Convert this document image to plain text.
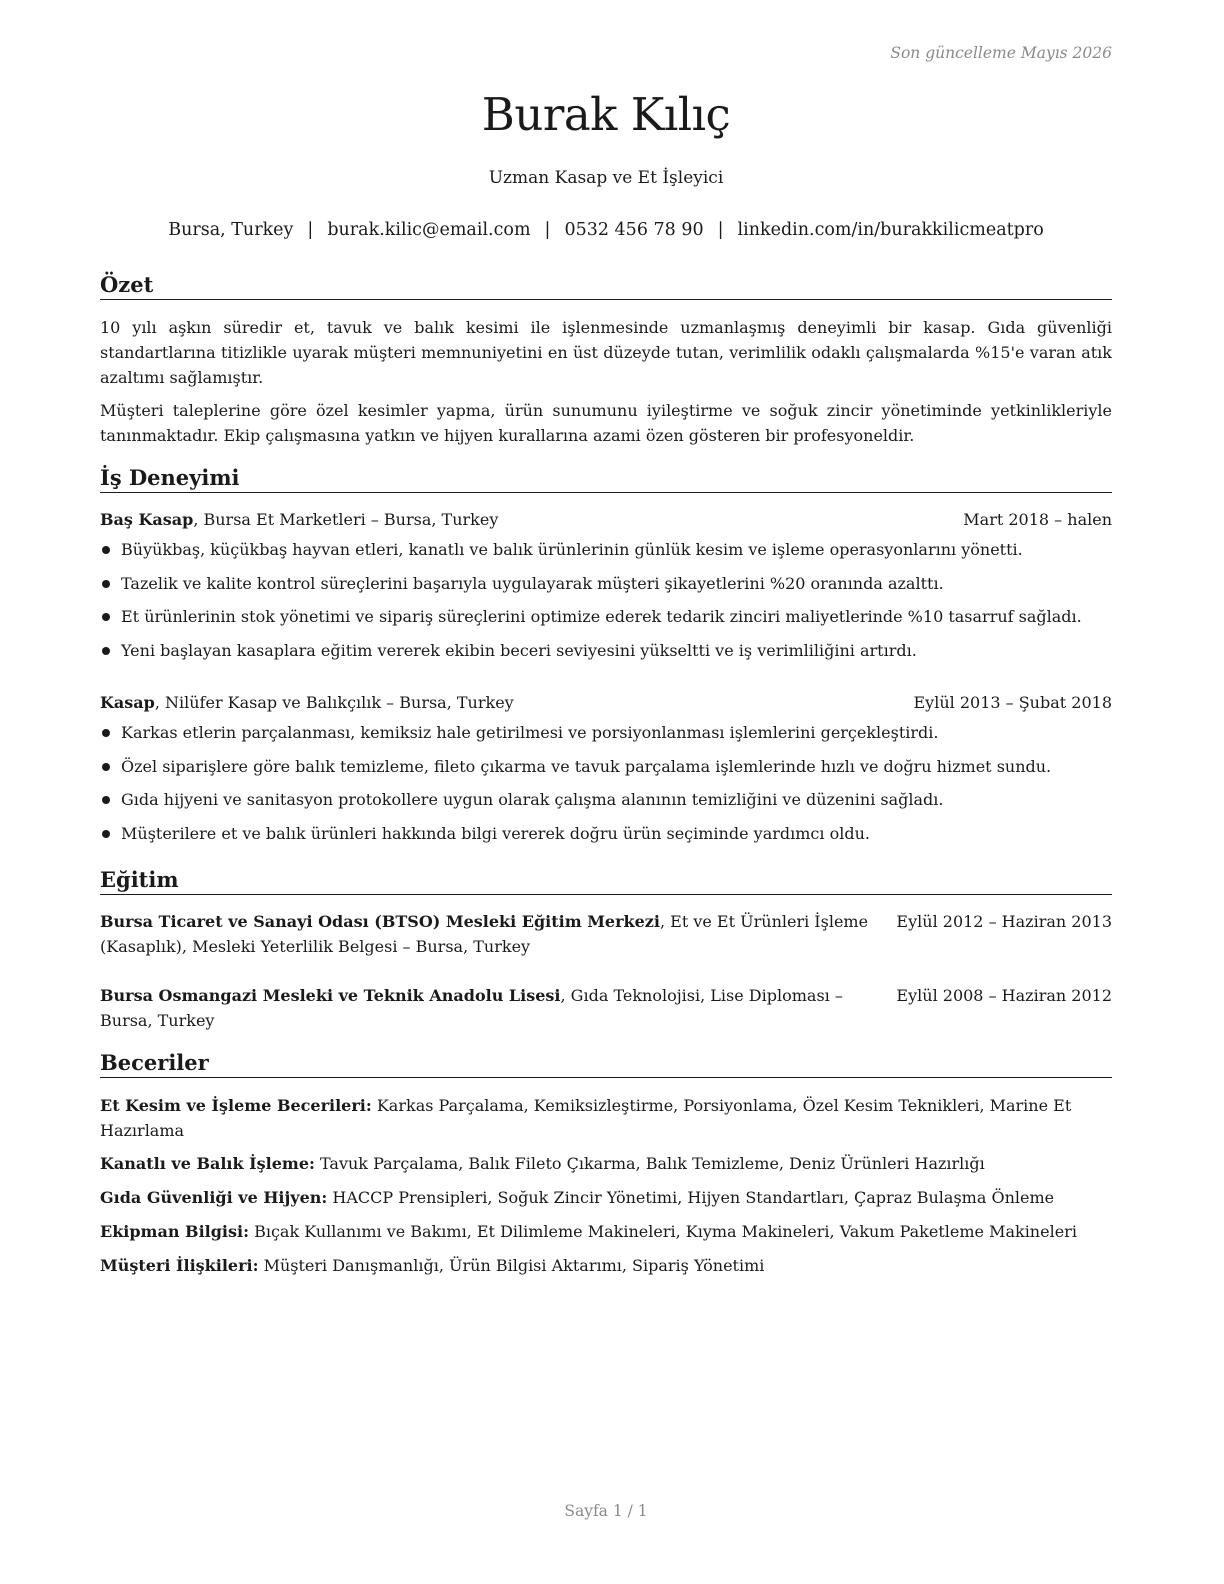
Son güncelleme Mayıs 2026
Burak Kılıç
Uzman Kasap ve Et İşleyici
Bursa, Turkey | burak.kilic@email.com | 0532 456 78 90 | linkedin.com/in/burakkilicmeatpro
Özet

10 yılı aşkın süredir et, tavuk ve balık kesimi ile işlenmesinde uzmanlaşmış deneyimli bir kasap. Gıda güvenliği standartlarına titizlikle uyarak müşteri memnuniyetini en üst düzeyde tutan, verimlilik odaklı çalışmalarda %15'e varan atık azaltımı sağlamıştır.

Müşteri taleplerine göre özel kesimler yapma, ürün sunumunu iyileştirme ve soğuk zincir yönetiminde yetkinlikleriyle tanınmaktadır. Ekip çalışmasına yatkın ve hijyen kurallarına azami özen gösteren bir profesyoneldir.

İş Deneyimi
Baş Kasap, Bursa Et Marketleri – Bursa, Turkey	Mart 2018 – halen
Büyükbaş, küçükbaş hayvan etleri, kanatlı ve balık ürünlerinin günlük kesim ve işleme operasyonlarını yönetti.
Tazelik ve kalite kontrol süreçlerini başarıyla uygulayarak müşteri şikayetlerini %20 oranında azalttı.
Et ürünlerinin stok yönetimi ve sipariş süreçlerini optimize ederek tedarik zinciri maliyetlerinde %10 tasarruf sağladı.
Yeni başlayan kasaplara eğitim vererek ekibin beceri seviyesini yükseltti ve iş verimliliğini artırdı.
Kasap, Nilüfer Kasap ve Balıkçılık – Bursa, Turkey	Eylül 2013 – Şubat 2018
Karkas etlerin parçalanması, kemiksiz hale getirilmesi ve porsiyonlanması işlemlerini gerçekleştirdi.
Özel siparişlere göre balık temizleme, fileto çıkarma ve tavuk parçalama işlemlerinde hızlı ve doğru hizmet sundu.
Gıda hijyeni ve sanitasyon protokollere uygun olarak çalışma alanının temizliğini ve düzenini sağladı.
Müşterilere et ve balık ürünleri hakkında bilgi vererek doğru ürün seçiminde yardımcı oldu.
Eğitim
Bursa Ticaret ve Sanayi Odası (BTSO) Mesleki Eğitim Merkezi, Et ve Et Ürünleri İşleme Eylül 2012 – Haziran 2013
(Kasaplık), Mesleki Yeterlilik Belgesi – Bursa, Turkey
Bursa Osmangazi Mesleki ve Teknik Anadolu Lisesi, Gıda Teknolojisi, Lise Diploması –	Eylül 2008 – Haziran 2012
Bursa, Turkey
Beceriler
Et Kesim ve İşleme Becerileri: Karkas Parçalama, Kemiksizleştirme, Porsiyonlama, Özel Kesim Teknikleri, Marine Et Hazırlama
Kanatlı ve Balık İşleme: Tavuk Parçalama, Balık Fileto Çıkarma, Balık Temizleme, Deniz Ürünleri Hazırlığı
Gıda Güvenliği ve Hijyen: HACCP Prensipleri, Soğuk Zincir Yönetimi, Hijyen Standartları, Çapraz Bulaşma Önleme
Ekipman Bilgisi: Bıçak Kullanımı ve Bakımı, Et Dilimleme Makineleri, Kıyma Makineleri, Vakum Paketleme Makineleri
Müşteri İlişkileri: Müşteri Danışmanlığı, Ürün Bilgisi Aktarımı, Sipariş Yönetimi
Sayfa 1 / 1
